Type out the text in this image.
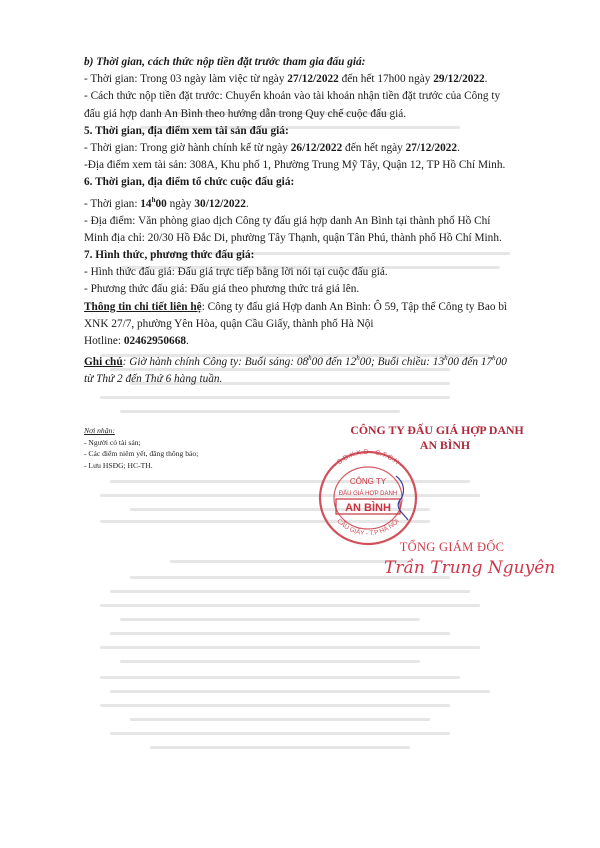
b) Thời gian, cách thức nộp tiền đặt trước tham gia đấu giá:
- Thời gian: Trong 03 ngày làm việc từ ngày 27/12/2022 đến hết 17h00 ngày 29/12/2022.
- Cách thức nộp tiền đặt trước: Chuyển khoản vào tài khoản nhận tiền đặt trước của Công ty
đấu giá hợp danh An Bình theo hướng dẫn trong Quy chế cuộc đấu giá.
5. Thời gian, địa điểm xem tài sản đấu giá:
- Thời gian: Trong giờ hành chính kể từ ngày 26/12/2022 đến hết ngày 27/12/2022.
-Địa điểm xem tài sản: 308A, Khu phố 1, Phường Trung Mỹ Tây, Quận 12, TP Hồ Chí Minh.
6. Thời gian, địa điểm tổ chức cuộc đấu giá:
- Thời gian: 14$^h$00 ngày 30/12/2022.
- Địa điểm: Văn phòng giao dịch Công ty đấu giá hợp danh An Bình tại thành phố Hồ Chí
Minh địa chỉ: 20/30 Hồ Đắc Di, phường Tây Thạnh, quận Tân Phú, thành phố Hồ Chí Minh.
7. Hình thức, phương thức đấu giá:
- Hình thức đấu giá: Đấu giá trực tiếp bằng lời nói tại cuộc đấu giá.
- Phương thức đấu giá: Đấu giá theo phương thức trả giá lên.
Thông tin chi tiết liên hệ: Công ty đấu giá Hợp danh An Bình: Ô 59, Tập thể Công ty Bao bì
XNK 27/7, phường Yên Hòa, quận Cầu Giấy, thành phố Hà Nội
Hotline: 02462950668.
Ghi chú: Giờ hành chính Công ty: Buổi sáng: 08$^h$00 đến 12$^h$00; Buổi chiều: 13$^h$00 đến 17$^h$00
từ Thứ 2 đến Thứ 6 hàng tuần.
Nơi nhận:
- Người có tài sản;
- Các điểm niêm yết, đăng thông báo;
- Lưu HSĐG; HC-TH.
CÔNG TY ĐẤU GIÁ HỢP DANH
AN BÌNH
· S.Đ.K.K.D · C.T.C.H ·
CẦU GIẤY - T.P HÀ NỘI
CÔNG TY
ĐẤU GIÁ HỢP DANH
AN BÌNH
TỔNG GIÁM ĐỐC
Trần Trung Nguyên
